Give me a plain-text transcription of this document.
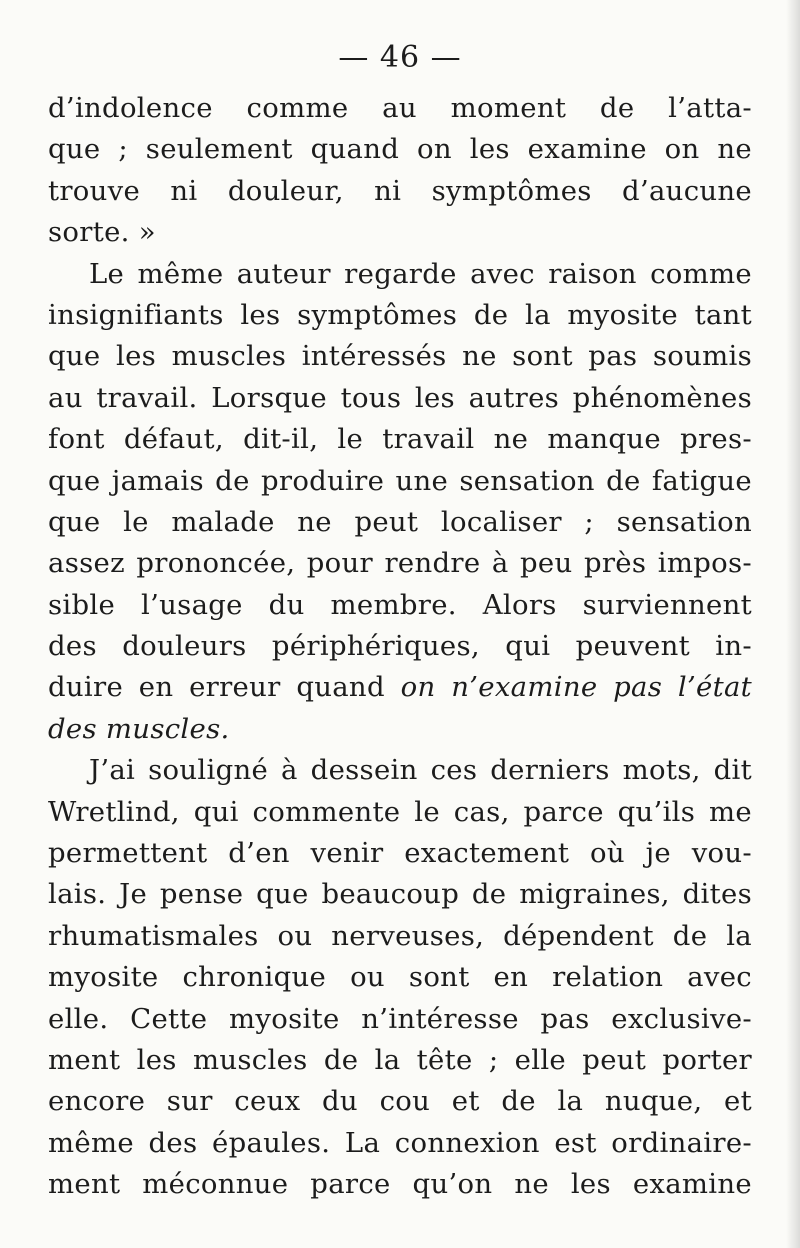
— 46 —
d’indolence comme au moment de l’atta-
que ; seulement quand on les examine on ne
trouve ni douleur, ni symptômes d’aucune
sorte. »
Le même auteur regarde avec raison comme
insignifiants les symptômes de la myosite tant
que les muscles intéressés ne sont pas soumis
au travail. Lorsque tous les autres phénomènes
font défaut, dit-il, le travail ne manque pres-
que jamais de produire une sensation de fatigue
que le malade ne peut localiser ; sensation
assez prononcée, pour rendre à peu près impos-
sible l’usage du membre. Alors surviennent
des douleurs périphériques, qui peuvent in-
duire en erreur quand on n’examine pas l’état
des muscles.
J’ai souligné à dessein ces derniers mots, dit
Wretlind, qui commente le cas, parce qu’ils me
permettent d’en venir exactement où je vou-
lais. Je pense que beaucoup de migraines, dites
rhumatismales ou nerveuses, dépendent de la
myosite chronique ou sont en relation avec
elle. Cette myosite n’intéresse pas exclusive-
ment les muscles de la tête ; elle peut porter
encore sur ceux du cou et de la nuque, et
même des épaules. La connexion est ordinaire-
ment méconnue parce qu’on ne les examine
